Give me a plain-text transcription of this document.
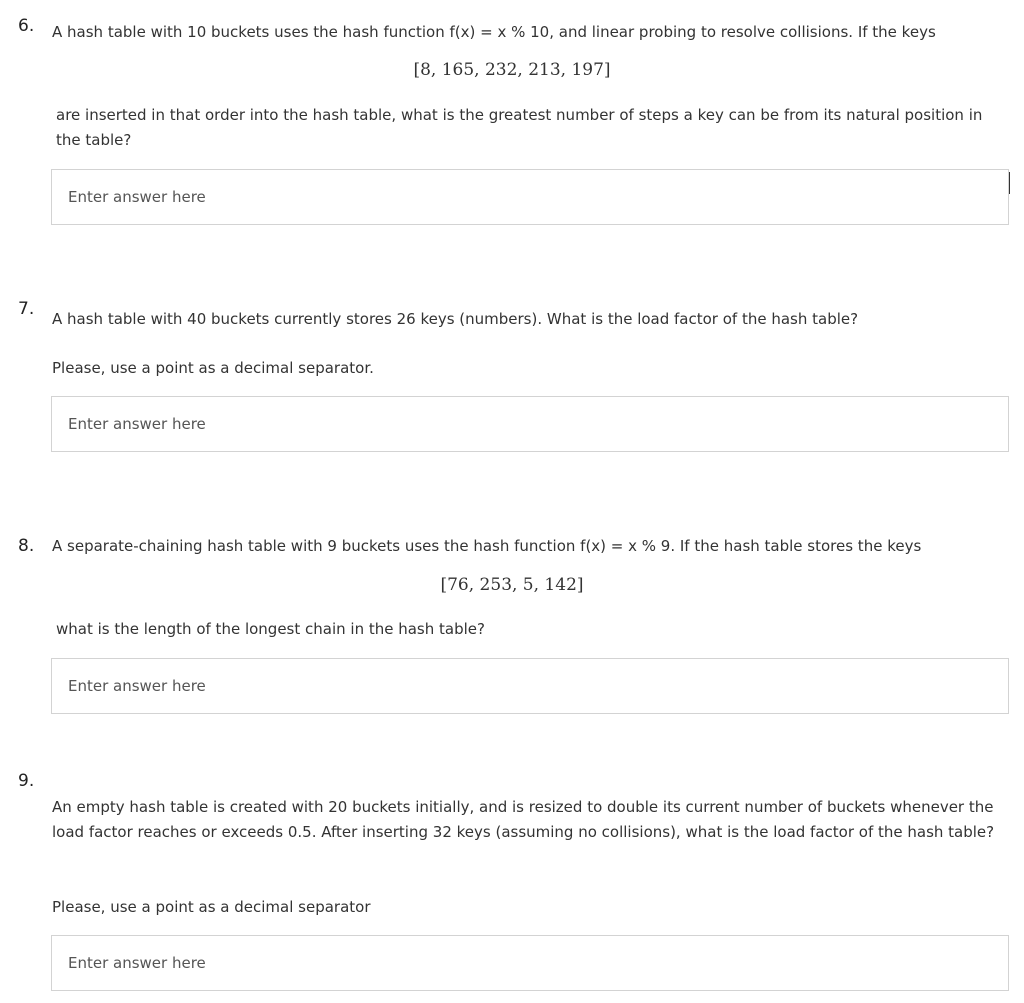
6. A hash table with 10 buckets uses the hash function f(x) = x % 10, and linear probing to resolve collisions. If the keys
[8, 165, 232, 213, 197]
are inserted in that order into the hash table, what is the greatest number of steps a key can be from its natural position in the table?
Enter answer here
7. A hash table with 40 buckets currently stores 26 keys (numbers). What is the load factor of the hash table?
Please, use a point as a decimal separator.
Enter answer here
8. A separate-chaining hash table with 9 buckets uses the hash function f(x) = x % 9. If the hash table stores the keys
[76, 253, 5, 142]
what is the length of the longest chain in the hash table?
Enter answer here
9.
An empty hash table is created with 20 buckets initially, and is resized to double its current number of buckets whenever the load factor reaches or exceeds 0.5. After inserting 32 keys (assuming no collisions), what is the load factor of the hash table?
Please, use a point as a decimal separator
Enter answer here
